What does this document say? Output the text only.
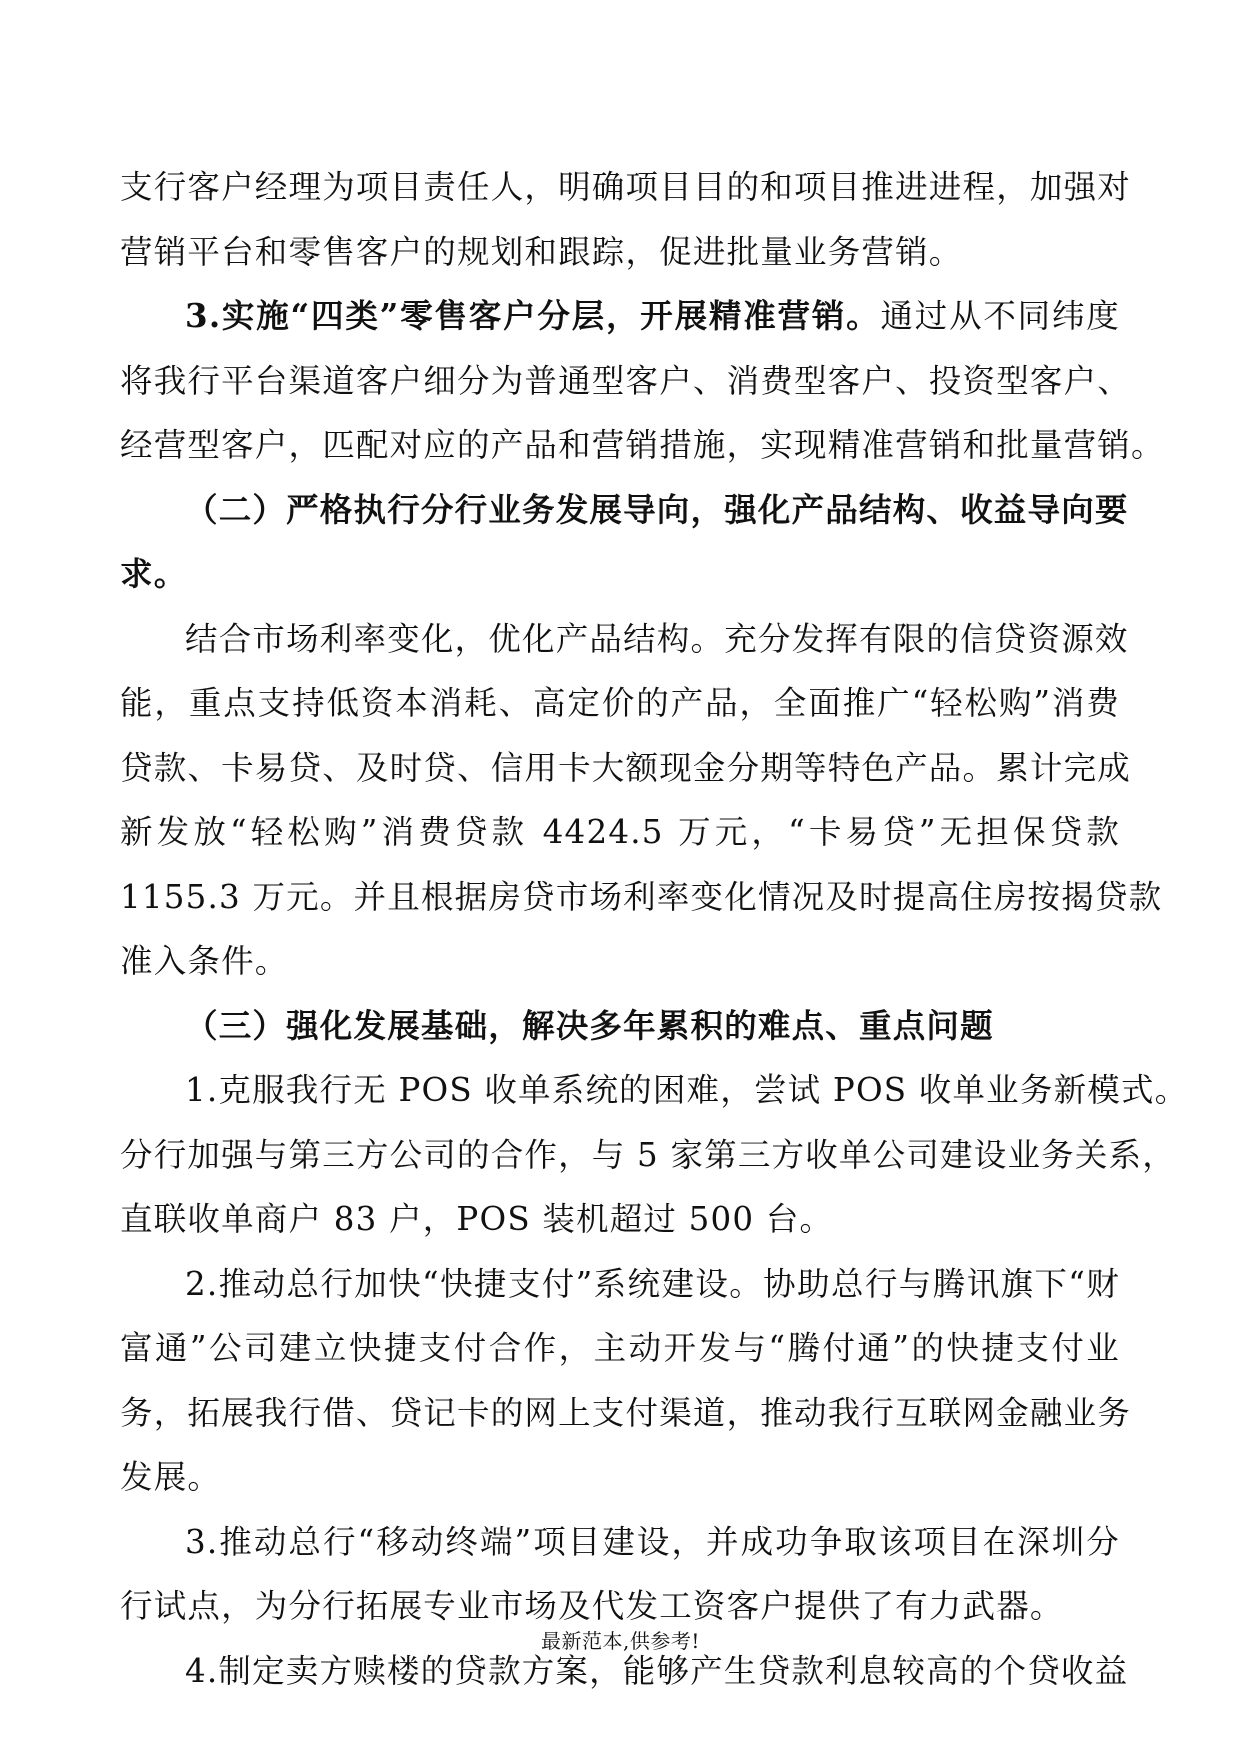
支行客户经理为项目责任人，明确项目目的和项目推进进程，加强对
营销平台和零售客户的规划和跟踪，促进批量业务营销。
3.实施“四类”零售客户分层，开展精准营销。通过从不同纬度
将我行平台渠道客户细分为普通型客户、消费型客户、投资型客户、
经营型客户，匹配对应的产品和营销措施，实现精准营销和批量营销。
（二）严格执行分行业务发展导向，强化产品结构、收益导向要
求。
结合市场利率变化，优化产品结构。充分发挥有限的信贷资源效
能，重点支持低资本消耗、高定价的产品，全面推广“轻松购”消费
贷款、卡易贷、及时贷、信用卡大额现金分期等特色产品。累计完成
新发放“轻松购”消费贷款 4424.5 万元，“卡易贷”无担保贷款
1155.3 万元。并且根据房贷市场利率变化情况及时提高住房按揭贷款
准入条件。
（三）强化发展基础，解决多年累积的难点、重点问题
1.克服我行无 POS 收单系统的困难，尝试 POS 收单业务新模式。
分行加强与第三方公司的合作，与 5 家第三方收单公司建设业务关系，
直联收单商户 83 户，POS 装机超过 500 台。
2.推动总行加快“快捷支付”系统建设。协助总行与腾讯旗下“财
富通”公司建立快捷支付合作，主动开发与“腾付通”的快捷支付业
务，拓展我行借、贷记卡的网上支付渠道，推动我行互联网金融业务
发展。
3.推动总行“移动终端”项目建设，并成功争取该项目在深圳分
行试点，为分行拓展专业市场及代发工资客户提供了有力武器。
4.制定卖方赎楼的贷款方案，能够产生贷款利息较高的个贷收益
最新范本,供参考!
